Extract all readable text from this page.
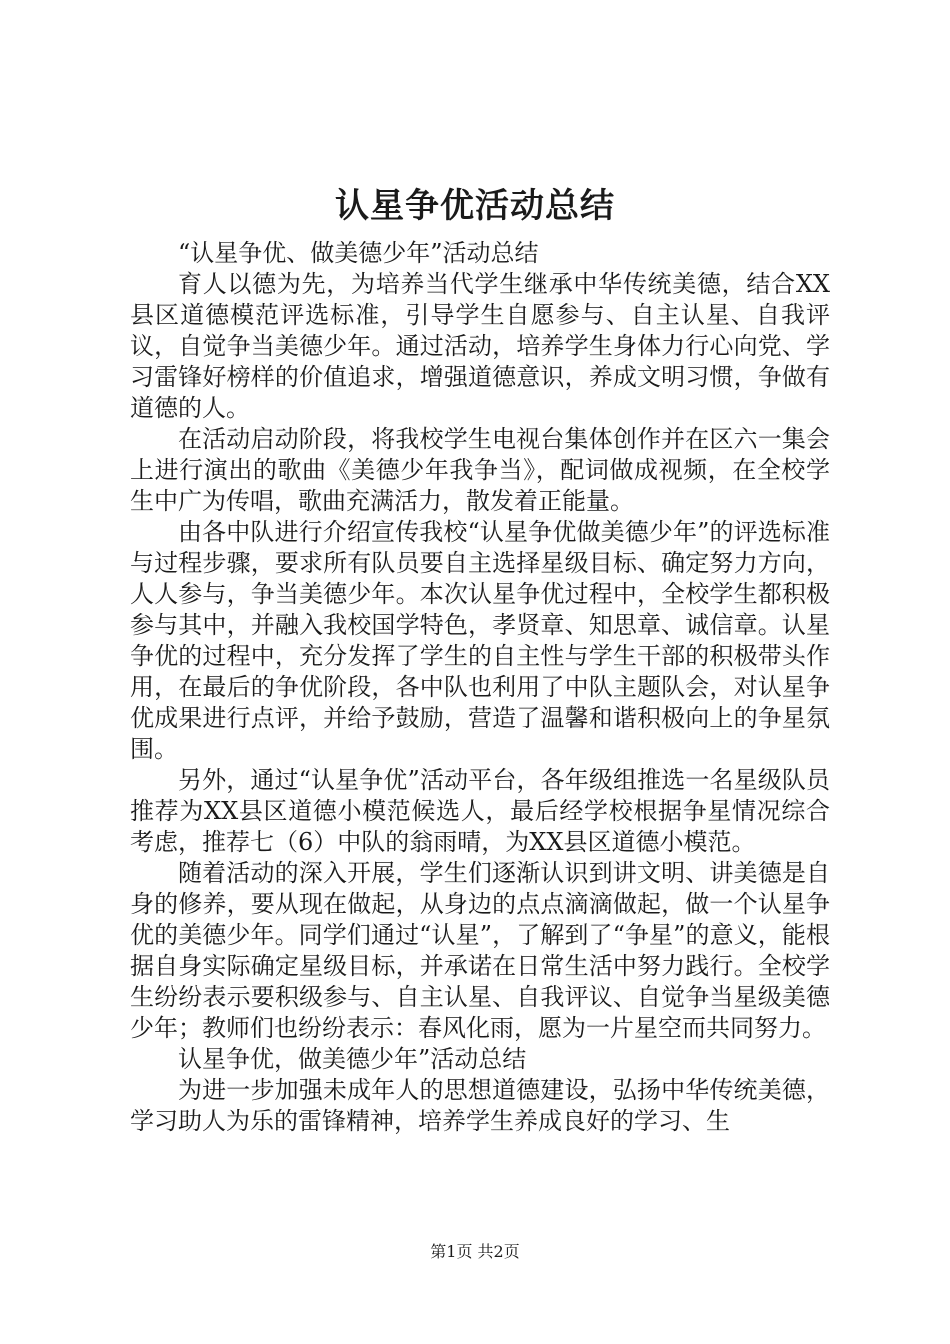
认星争优活动总结

“认星争优、做美德少年”活动总结

育人以德为先，为培养当代学生继承中华传统美德，结合XX县区道德模范评选标准，引导学生自愿参与、自主认星、自我评议，自觉争当美德少年。通过活动，培养学生身体力行心向党、学习雷锋好榜样的价值追求，增强道德意识，养成文明习惯，争做有道德的人。

在活动启动阶段，将我校学生电视台集体创作并在区六一集会上进行演出的歌曲《美德少年我争当》，配词做成视频，在全校学生中广为传唱，歌曲充满活力，散发着正能量。

由各中队进行介绍宣传我校“认星争优做美德少年”的评选标准与过程步骤，要求所有队员要自主选择星级目标、确定努力方向，人人参与，争当美德少年。本次认星争优过程中，全校学生都积极参与其中，并融入我校国学特色，孝贤章、知思章、诚信章。认星争优的过程中，充分发挥了学生的自主性与学生干部的积极带头作用，在最后的争优阶段，各中队也利用了中队主题队会，对认星争优成果进行点评，并给予鼓励，营造了温馨和谐积极向上的争星氛围。

另外，通过“认星争优”活动平台，各年级组推选一名星级队员推荐为XX县区道德小模范候选人，最后经学校根据争星情况综合考虑，推荐七（6）中队的翁雨晴，为XX县区道德小模范。

随着活动的深入开展，学生们逐渐认识到讲文明、讲美德是自身的修养，要从现在做起，从身边的点点滴滴做起，做一个认星争优的美德少年。同学们通过“认星”，了解到了“争星”的意义，能根据自身实际确定星级目标，并承诺在日常生活中努力践行。全校学生纷纷表示要积级参与、自主认星、自我评议、自觉争当星级美德少年；教师们也纷纷表示：春风化雨，愿为一片星空而共同努力。

认星争优，做美德少年”活动总结

为进一步加强未成年人的思想道德建设，弘扬中华传统美德，学习助人为乐的雷锋精神，培养学生养成良好的学习、生

第1页 共2页
